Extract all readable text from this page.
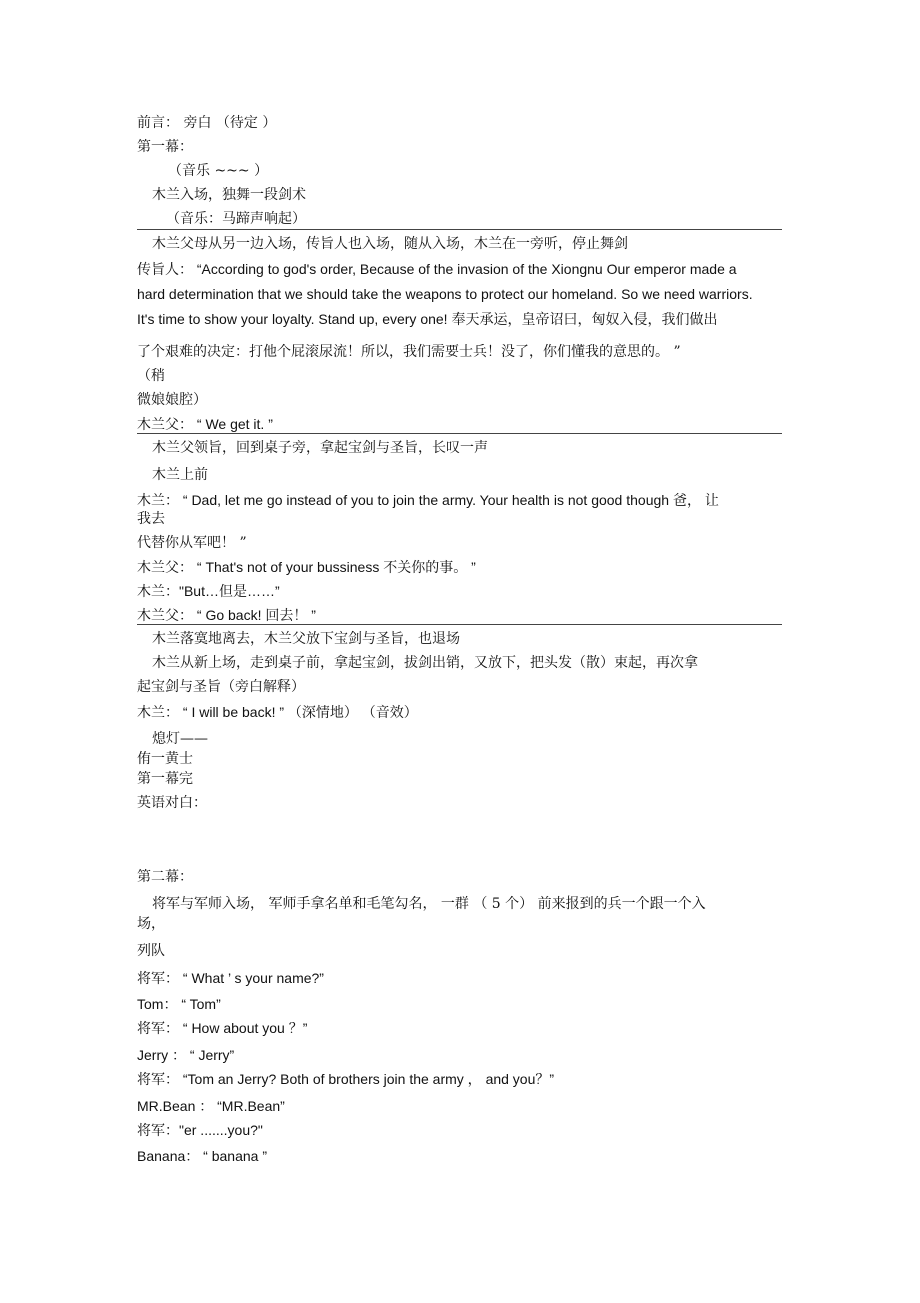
前言： 旁白 （待定 ）
第一幕：
（音乐 ~~~ ）
木兰入场，独舞一段剑术
（音乐：马蹄声响起）
木兰父母从另一边入场，传旨人也入场，随从入场，木兰在一旁听，停止舞剑
传旨人： “According to god's order, Because of the invasion of the Xiongnu Our emperor made a
hard determination that we should take the weapons to protect our homeland. So we need warriors.
It's time to show your loyalty. Stand up, every one! 奉天承运，皇帝诏曰，匈奴入侵，我们做出
了个艰难的决定：打他个屁滚尿流！所以，我们需要士兵！没了，你们懂我的意思的。 ”
（稍
微娘娘腔）
木兰父： “ We get it. ”
木兰父领旨，回到桌子旁，拿起宝剑与圣旨，长叹一声
木兰上前
木兰： “ Dad, let me go instead of you to join the army. Your health is not good though 爸， 让
我去
代替你从军吧！ ”
木兰父： “ That's not of your bussiness 不关你的事。 ”
木兰："But…但是……”
木兰父： “ Go back! 回去！ ”
木兰落寞地离去，木兰父放下宝剑与圣旨，也退场
木兰从新上场，走到桌子前，拿起宝剑，拔剑出销，又放下，把头发（散）束起，再次拿
起宝剑与圣旨（旁白解释）
木兰： “ I will be back! ” （深情地） （音效）
熄灯——
侑一黄士
第一幕完
英语对白：
第二幕：
将军与军师入场， 军师手拿名单和毛笔勾名， 一群 （ 5 个） 前来报到的兵一个跟一个入
场，
列队
将军： “ What ’ s your name?”
Tom： “ Tom”
将军： “ How about you ？”
Jerry ： “ Jerry”
将军： “Tom an Jerry? Both of brothers join the army ， and you？”
MR.Bean ： “MR.Bean”
将军："er .......you?"
Banana： “ banana ”
